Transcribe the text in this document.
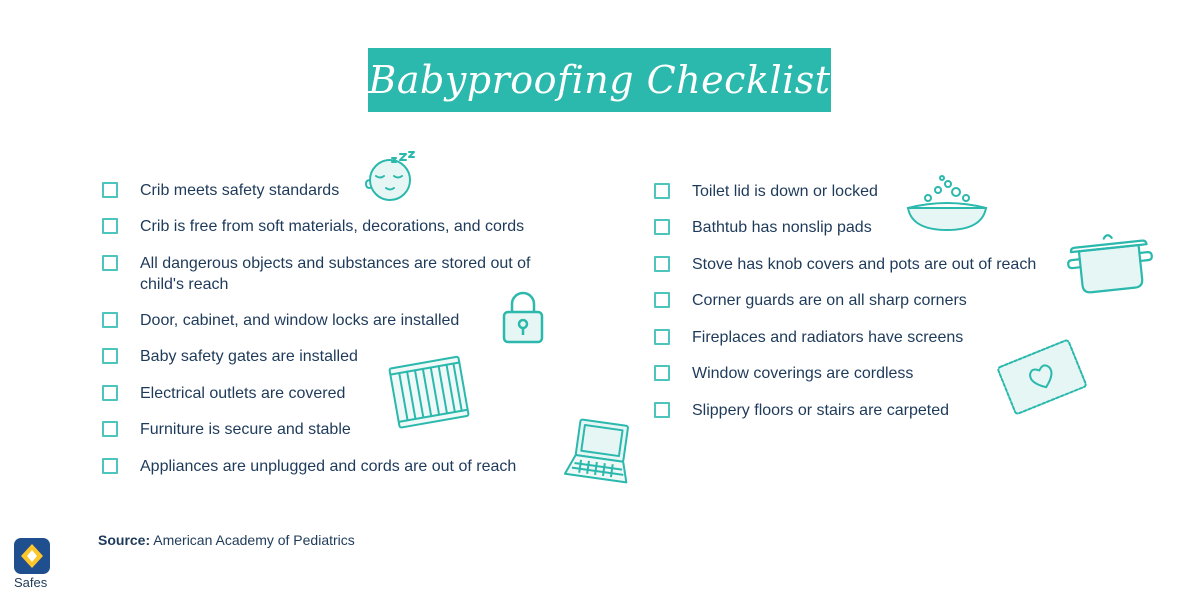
Babyproofing Checklist
Crib meets safety standards
Crib is free from soft materials, decorations, and cords
All dangerous objects and substances are stored out of child's reach
Door, cabinet, and window locks are installed
Baby safety gates are installed
Electrical outlets are covered
Furniture is secure and stable
Appliances are unplugged and cords are out of reach
Toilet lid is down or locked
Bathtub has nonslip pads
Stove has knob covers and pots are out of reach
Corner guards are on all sharp corners
Fireplaces and radiators have screens
Window coverings are cordless
Slippery floors or stairs are carpeted
Source: American Academy of Pediatrics
Safes
